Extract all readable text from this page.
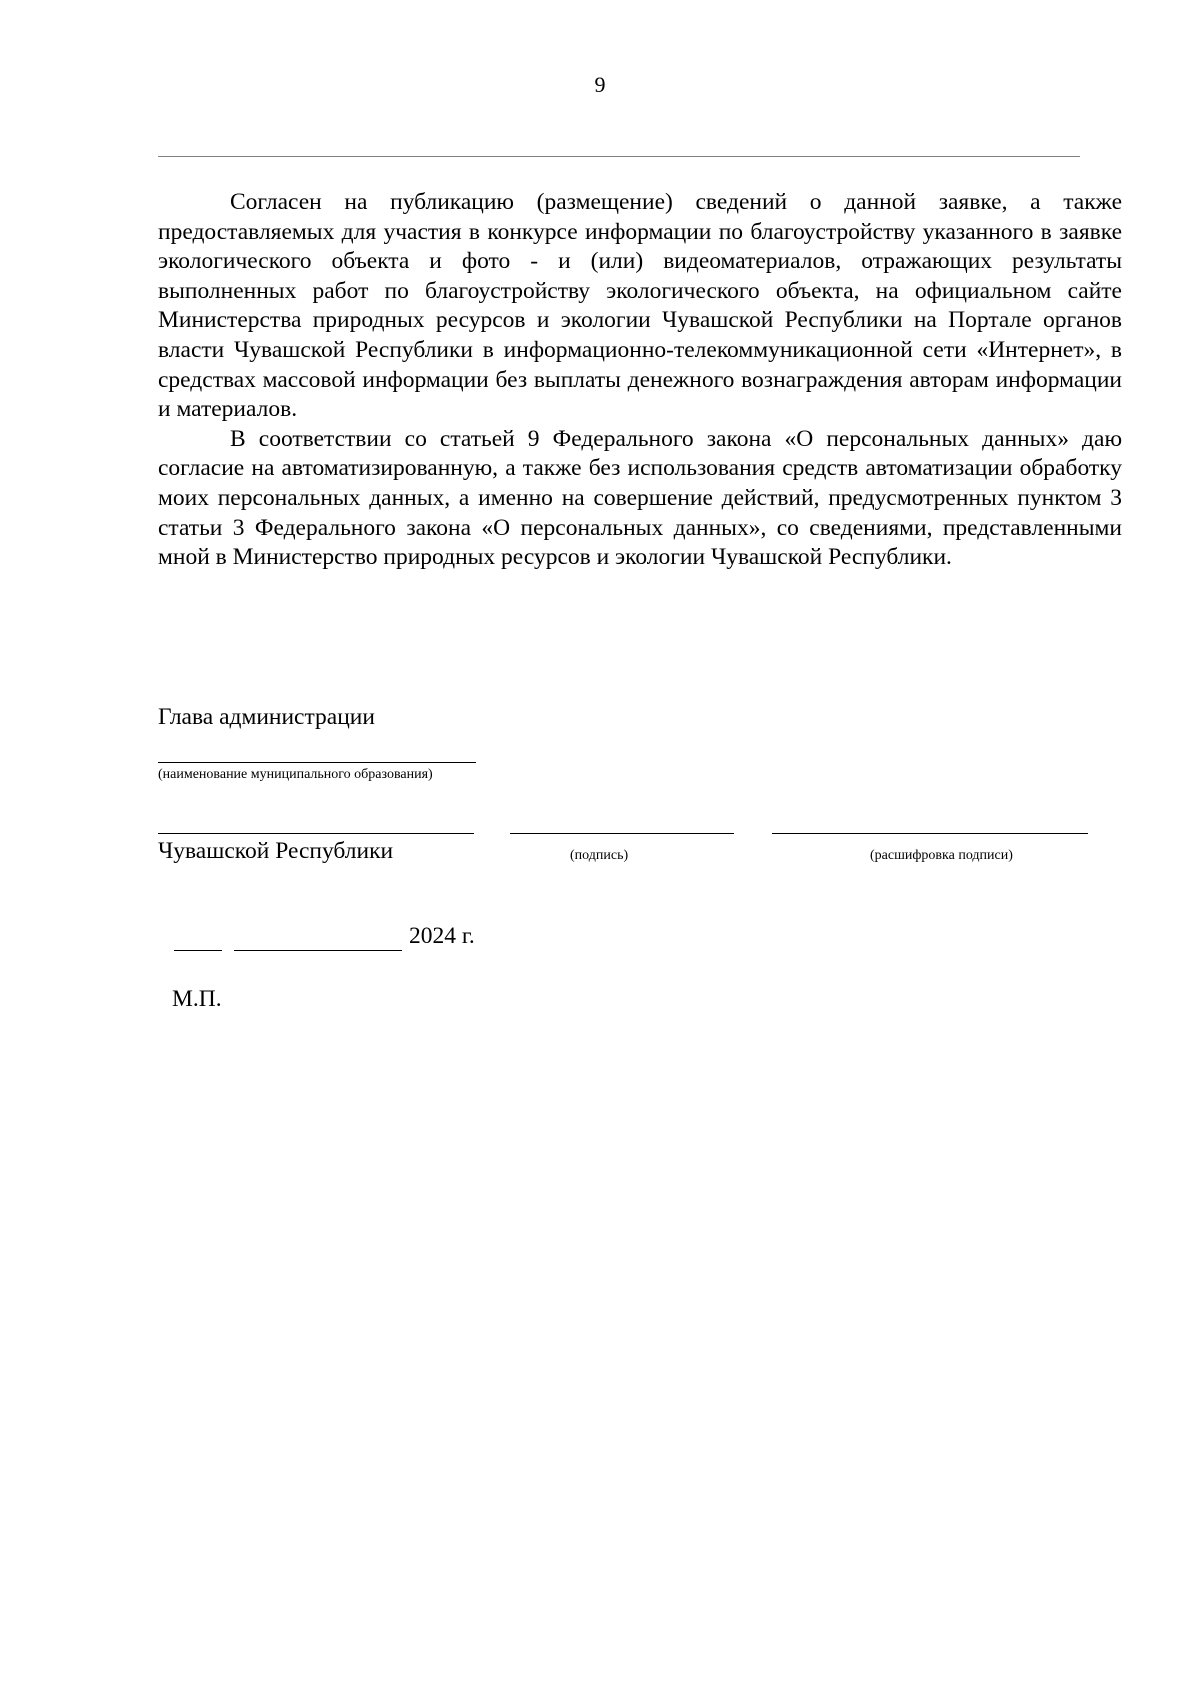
9

Согласен на публикацию (размещение) сведений о данной заявке, а также предоставляемых для участия в конкурсе информации по благоустройству указанного в заявке экологического объекта и фото - и (или) видеоматериалов, отражающих результаты выполненных работ по благоустройству экологического объекта, на официальном сайте Министерства природных ресурсов и экологии Чувашской Республики на Портале органов власти Чувашской Республики в информационно-телекоммуникационной сети «Интернет», в средствах массовой информации без выплаты денежного вознаграждения авторам информации и материалов.

В соответствии со статьей 9 Федерального закона «О персональных данных» даю согласие на автоматизированную, а также без использования средств автоматизации обработку моих персональных данных, а именно на совершение действий, предусмотренных пунктом 3 статьи 3 Федерального закона «О персональных данных», со сведениями, представленными мной в Министерство природных ресурсов и экологии Чувашской Республики.

Глава администрации
(наименование муниципального образования)
Чувашской Республики	(подпись)	(расшифровка подписи)
2024 г.
М.П.
